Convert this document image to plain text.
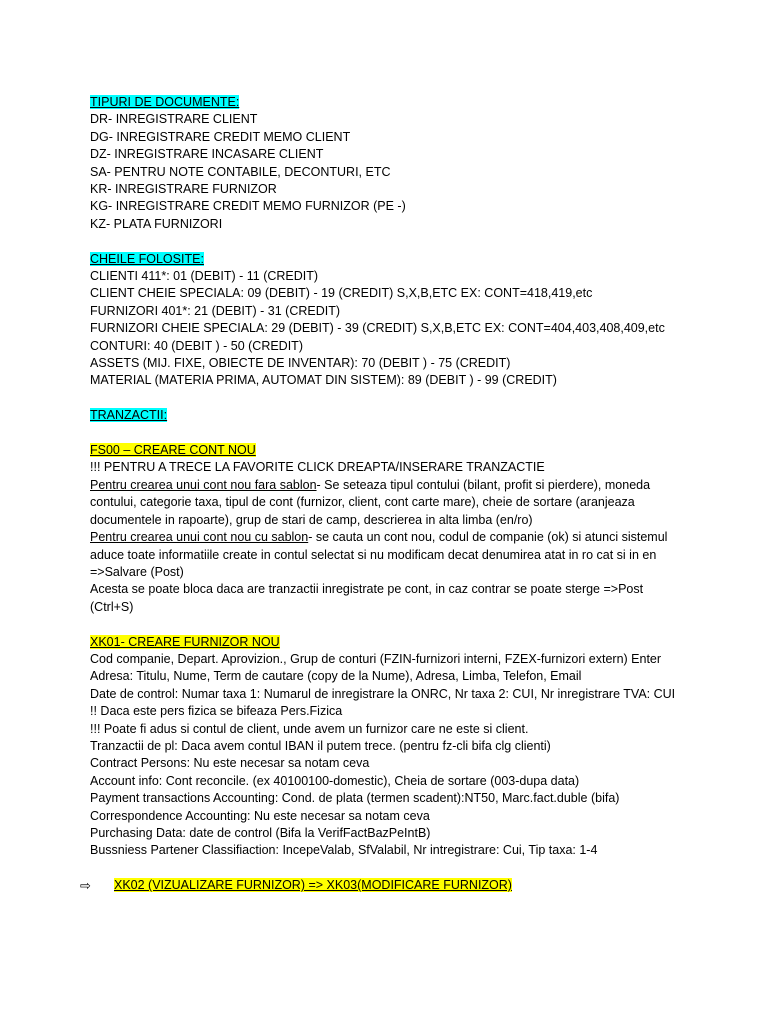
TIPURI DE DOCUMENTE:
DR- INREGISTRARE CLIENT
DG- INREGISTRARE CREDIT MEMO CLIENT
DZ- INREGISTRARE INCASARE CLIENT
SA- PENTRU NOTE CONTABILE, DECONTURI, ETC
KR- INREGISTRARE FURNIZOR
KG- INREGISTRARE CREDIT MEMO FURNIZOR (PE -)
KZ- PLATA FURNIZORI
CHEILE FOLOSITE:
CLIENTI 411*: 01 (DEBIT) - 11 (CREDIT)
CLIENT CHEIE SPECIALA: 09 (DEBIT) - 19 (CREDIT) S,X,B,ETC EX: CONT=418,419,etc
FURNIZORI 401*: 21 (DEBIT) - 31 (CREDIT)
FURNIZORI CHEIE SPECIALA: 29 (DEBIT) - 39 (CREDIT) S,X,B,ETC EX: CONT=404,403,408,409,etc
CONTURI: 40 (DEBIT ) - 50 (CREDIT)
ASSETS (MIJ. FIXE, OBIECTE DE INVENTAR): 70 (DEBIT ) - 75 (CREDIT)
MATERIAL (MATERIA PRIMA, AUTOMAT DIN SISTEM): 89 (DEBIT ) - 99 (CREDIT)
TRANZACTII:
FS00 – CREARE CONT NOU
!!! PENTRU A TRECE LA FAVORITE CLICK DREAPTA/INSERARE TRANZACTIE
Pentru crearea unui cont nou fara sablon- Se seteaza tipul contului (bilant, profit si pierdere), moneda
contului, categorie taxa, tipul de cont (furnizor, client, cont carte mare), cheie de sortare (aranjeaza
documentele in rapoarte), grup de stari de camp, descrierea in alta limba (en/ro)
Pentru crearea unui cont nou cu sablon- se cauta un cont nou, codul de companie (ok) si atunci sistemul
aduce toate informatiile create in contul selectat si nu modificam decat denumirea atat in ro cat si in en
=>Salvare (Post)
Acesta se poate bloca daca are tranzactii inregistrate pe cont, in caz contrar se poate sterge =>Post
(Ctrl+S)
XK01- CREARE FURNIZOR NOU
Cod companie, Depart. Aprovizion., Grup de conturi (FZIN-furnizori interni, FZEX-furnizori extern) Enter
Adresa: Titulu, Nume, Term de cautare (copy de la Nume), Adresa, Limba, Telefon, Email
Date de control: Numar taxa 1: Numarul de inregistrare la ONRC, Nr taxa 2: CUI, Nr inregistrare TVA: CUI
!! Daca este pers fizica se bifeaza Pers.Fizica
!!! Poate fi adus si contul de client, unde avem un furnizor care ne este si client.
Tranzactii de pl: Daca avem contul IBAN il putem trece. (pentru fz-cli bifa clg clienti)
Contract Persons: Nu este necesar sa notam ceva
Account info: Cont reconcile. (ex 40100100-domestic), Cheia de sortare (003-dupa data)
Payment transactions Accounting: Cond. de plata (termen scadent):NT50, Marc.fact.duble (bifa)
Correspondence Accounting: Nu este necesar sa notam ceva
Purchasing Data: date de control (Bifa la VerifFactBazPeIntB)
Bussniess Partener Classifiaction: IncepeValab, SfValabil, Nr intregistrare: Cui, Tip taxa: 1-4
⇨ XK02 (VIZUALIZARE FURNIZOR) => XK03(MODIFICARE FURNIZOR)
